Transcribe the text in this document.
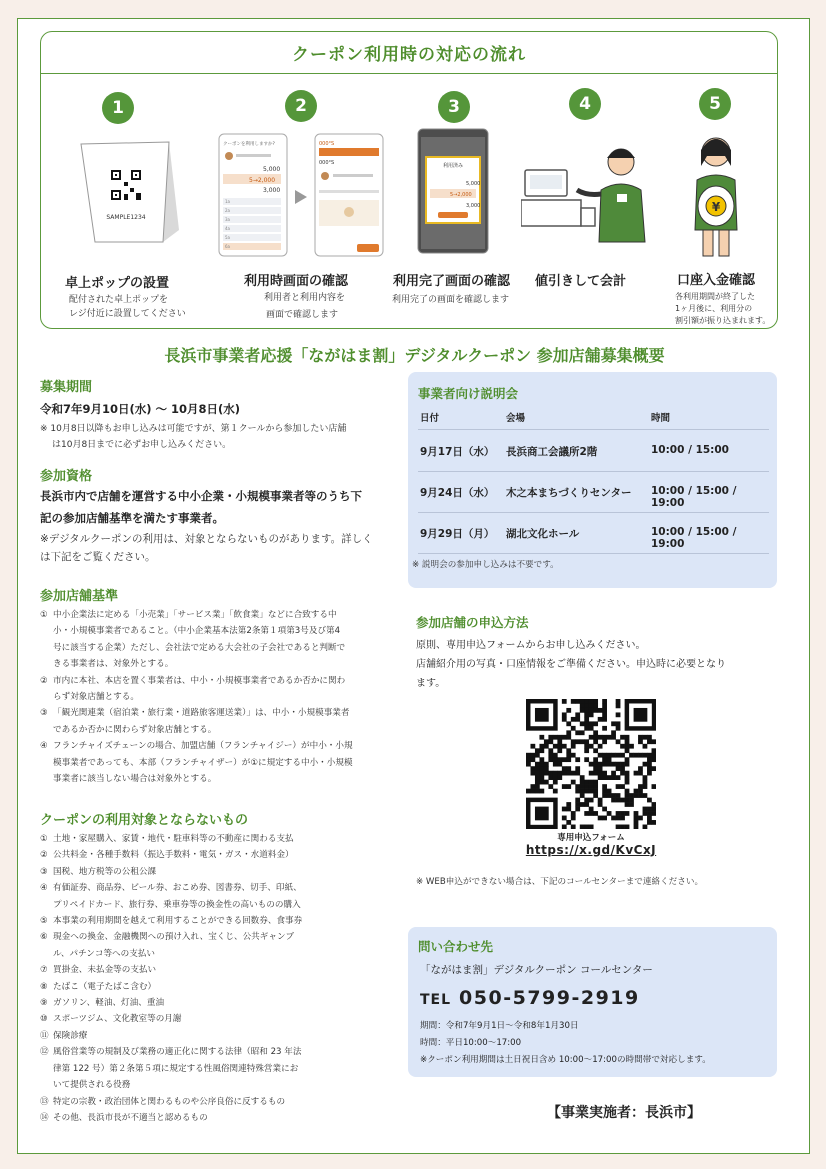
クーポン利用時の対応の流れ
1	2	3	4	5
SAMPLE1234
卓上ポップの設置
配付された卓上ポップを
レジ付近に設置してください
クーポンを利用しますか?
5,000
5→2,000
3,000
1a
2a
3a
4a
5a
6a
000°S
000°S
利用時画面の確認
利用者と利用内容を
画面で確認します
利用済み
5,000
5→2,000
3,000
利用完了画面の確認
利用完了の画面を確認します
値引きして会計
¥
口座入金確認
各利用期間が終了した
1ヶ月後に、利用分の
割引額が振り込まれます。
長浜市事業者応援「ながはま割」デジタルクーポン 参加店舗募集概要
募集期間
令和7年9月10日(水) 〜 10月8日(水)
※ 10月8日以降もお申し込みは可能ですが、第１クールから参加したい店舗
は10月8日までに必ずお申し込みください。
参加資格
長浜市内で店舗を運営する中小企業・小規模事業者等のうち下
記の参加店舗基準を満たす事業者。
※デジタルクーポンの利用は、対象とならないものがあります。詳しく
は下記をご覧ください。
参加店舗基準
① 中小企業法に定める「小売業」「サービス業」「飲食業」などに合致する中
小・小規模事業者であること。（中小企業基本法第2条第１項第3号及び第4
号に該当する企業）ただし、会社法で定める大会社の子会社であると判断で
きる事業者は、対象外とする。
② 市内に本社、本店を置く事業者は、中小・小規模事業者であるか否かに関わ
らず対象店舗とする。
③ 「観光関連業（宿泊業・旅行業・道路旅客運送業）」は、中小・小規模事業者
であるか否かに関わらず対象店舗とする。
④ フランチャイズチェーンの場合、加盟店舗（フランチャイジー）が中小・小規
模事業者であっても、本部（フランチャイザー）が①に規定する中小・小規模
事業者に該当しない場合は対象外とする。
クーポンの利用対象とならないもの
① 土地・家屋購入、家賃・地代・駐車料等の不動産に関わる支払
② 公共料金・各種手数料（振込手数料・電気・ガス・水道料金）
③ 国税、地方税等の公租公課
④ 有価証券、商品券、ビール券、おこめ券、図書券、切手、印紙、
プリペイドカード、旅行券、乗車券等の換金性の高いものの購入
⑤ 本事業の利用期間を越えて利用することができる回数券、食事券
⑥ 現金への換金、金融機関への預け入れ、宝くじ、公共ギャンブ
ル、パチンコ等への支払い
⑦ 買掛金、未払金等の支払い
⑧ たばこ（電子たばこ含む）
⑨ ガソリン、軽油、灯油、重油
⑩ スポーツジム、文化教室等の月謝
⑪ 保険診療
⑫ 風俗営業等の規制及び業務の適正化に関する法律（昭和 23 年法
律第 122 号）第２条第５項に規定する性風俗関連特殊営業にお
いて提供される役務
⑬ 特定の宗教・政治団体と関わるものや公序良俗に反するもの
⑭ その他、長浜市長が不適当と認めるもの
事業者向け説明会
日付	会場	時間
9月17日（水） 長浜商工会議所2階	10:00 / 15:00
9月24日（水） 木之本まちづくりセンター 10:00 / 15:00 / 19:00
9月29日（月） 湖北文化ホール	10:00 / 15:00 / 19:00
※ 説明会の参加申し込みは不要です。
参加店舗の申込方法
原則、専用申込フォームからお申し込みください。
店舗紹介用の写真・口座情報をご準備ください。申込時に必要となり
ます。
専用申込フォーム
https://x.gd/KvCxJ
※ WEB申込ができない場合は、下記のコールセンターまで連絡ください。
問い合わせ先
「ながはま割」デジタルクーポン コールセンター
TEL 050-5799-2919
期間：令和7年9月1日〜令和8年1月30日
時間：平日10:00〜17:00
※クーポン利用期間は土日祝日含め 10:00〜17:00の時間帯で対応します。
【事業実施者：長浜市】
